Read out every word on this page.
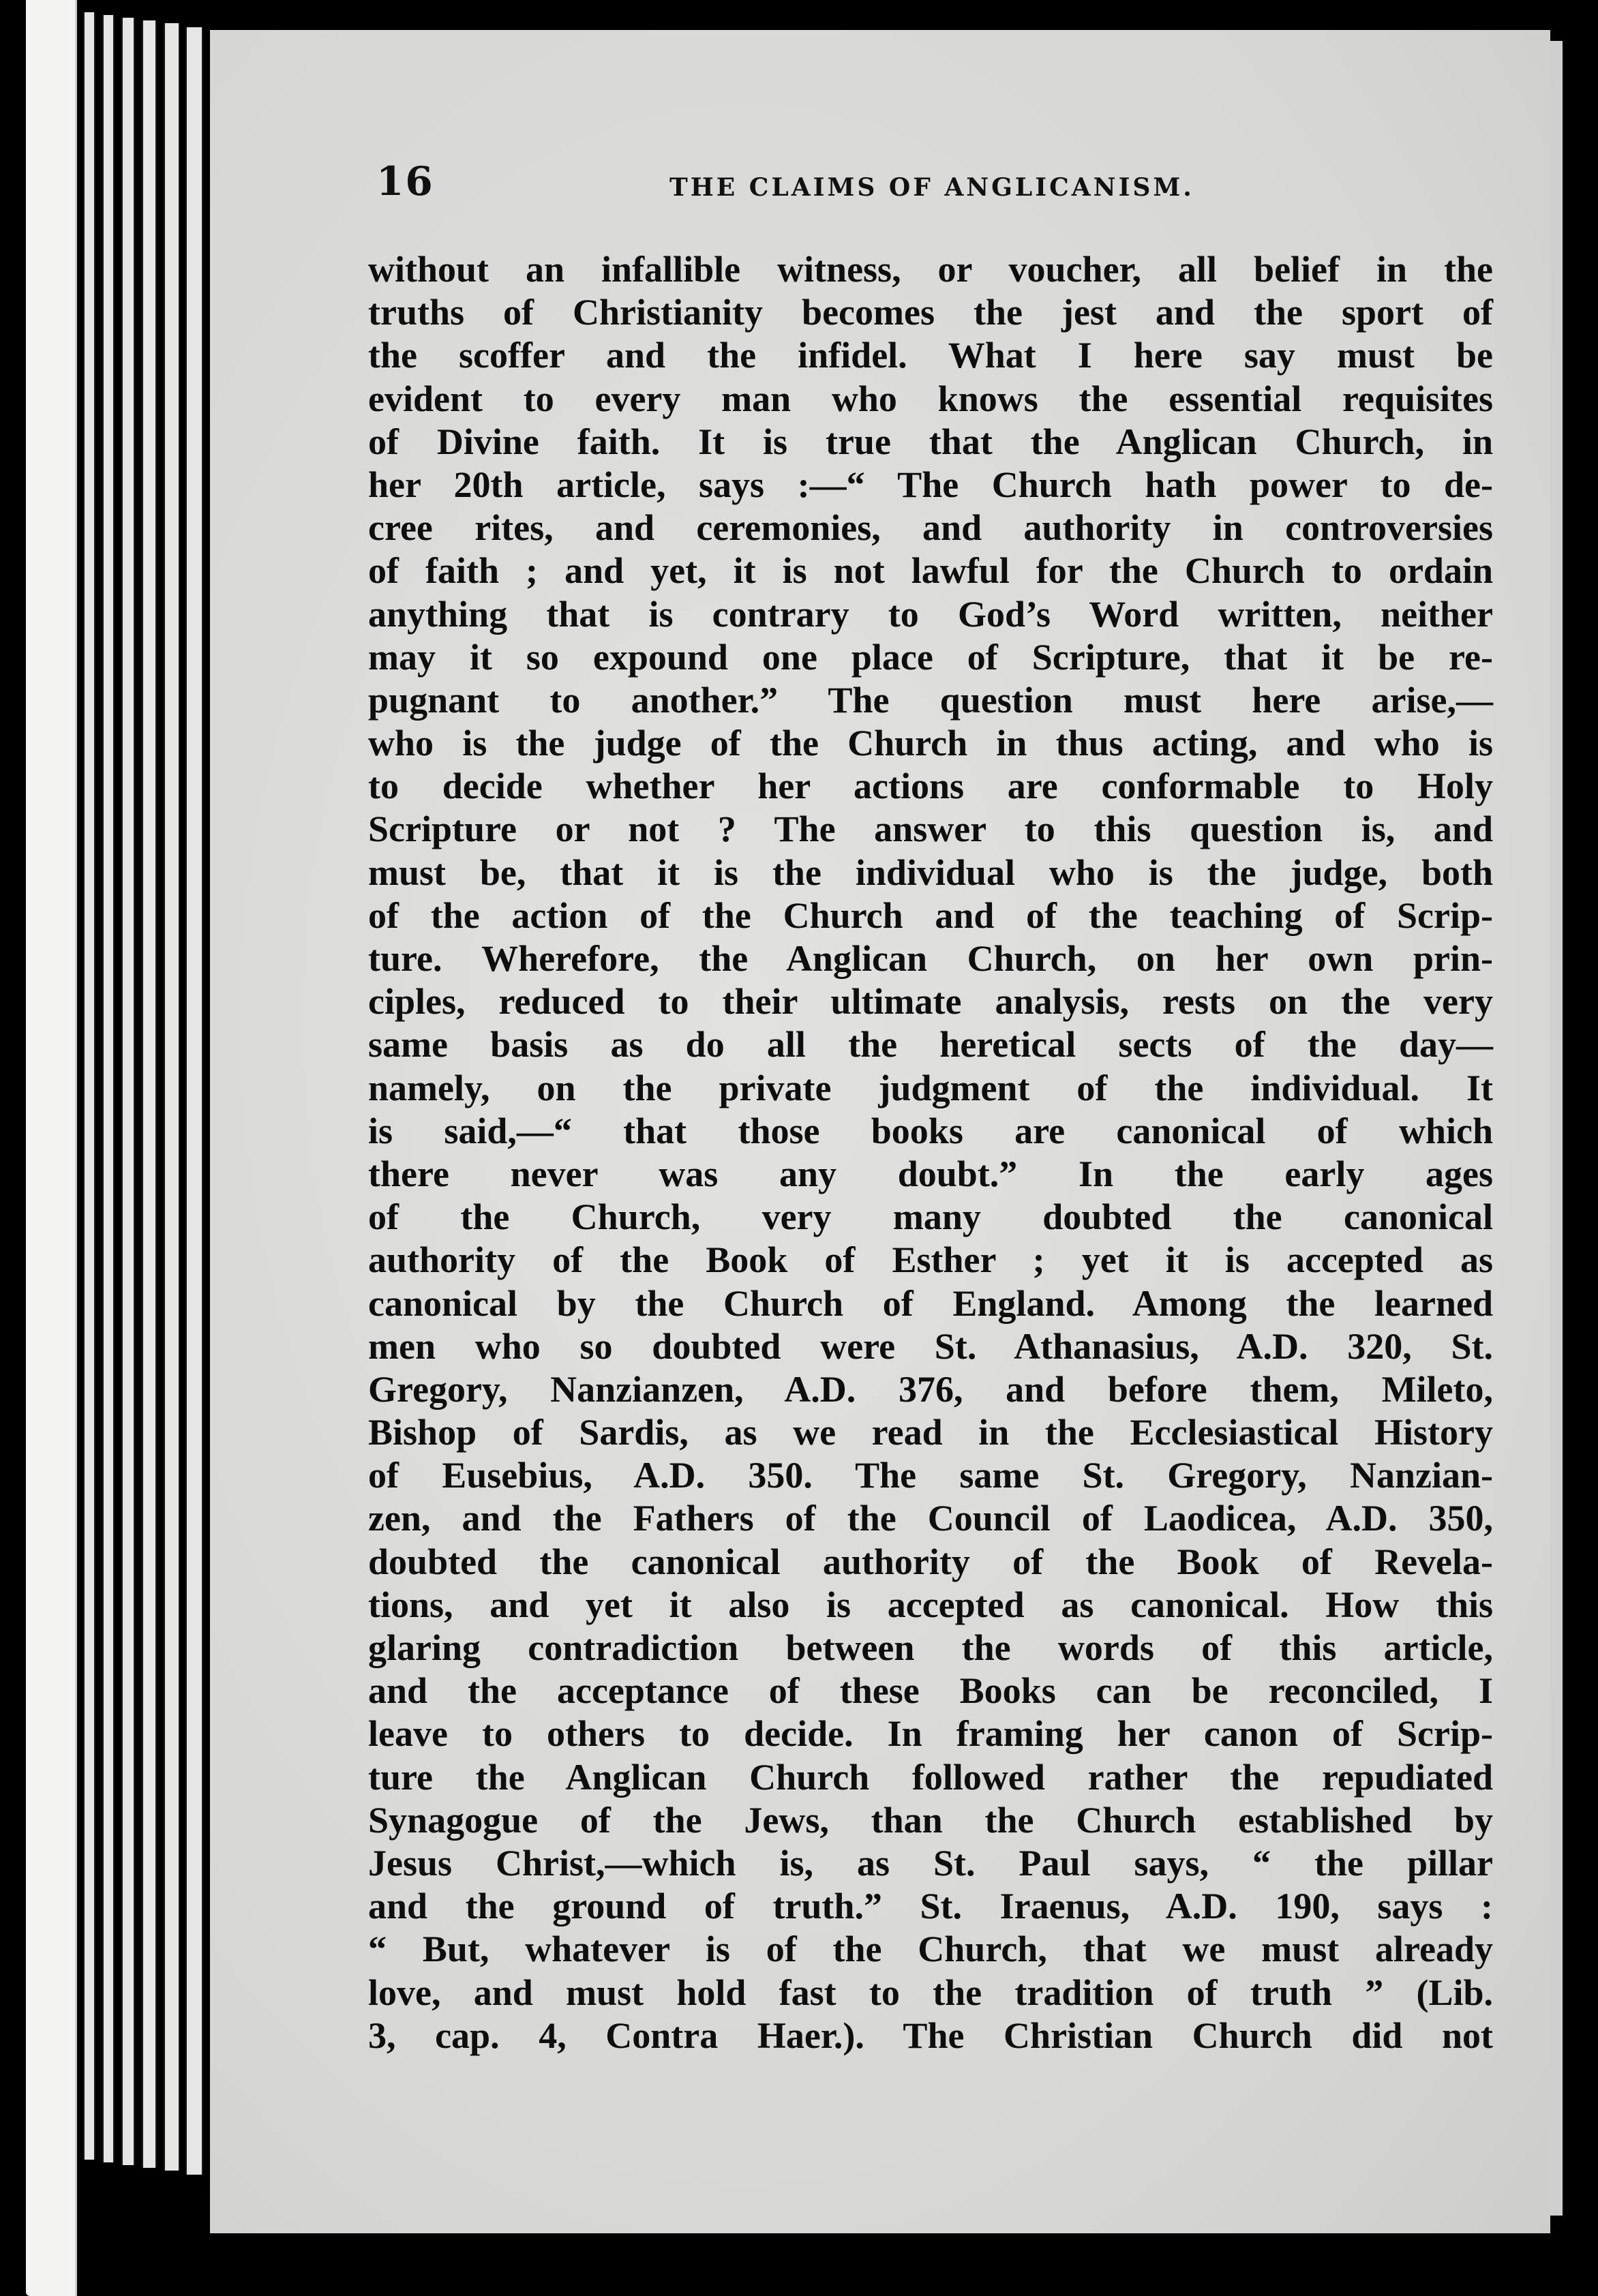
16	THE CLAIMS OF ANGLICANISM.
without an infallible witness, or voucher, all belief in the
truths of Christianity becomes the jest and the sport of
the scoffer and the infidel. What I here say must be
evident to every man who knows the essential requisites
of Divine faith. It is true that the Anglican Church, in
her 20th article, says :—“ The Church hath power to de-
cree rites, and ceremonies, and authority in controversies
of faith ; and yet, it is not lawful for the Church to ordain
anything that is contrary to God’s Word written, neither
may it so expound one place of Scripture, that it be re-
pugnant to another.” The question must here arise,—
who is the judge of the Church in thus acting, and who is
to decide whether her actions are conformable to Holy
Scripture or not ? The answer to this question is, and
must be, that it is the individual who is the judge, both
of the action of the Church and of the teaching of Scrip-
ture. Wherefore, the Anglican Church, on her own prin-
ciples, reduced to their ultimate analysis, rests on the very
same basis as do all the heretical sects of the day—
namely, on the private judgment of the individual. It
is said,—“ that those books are canonical of which
there never was any doubt.” In the early ages
of the Church, very many doubted the canonical
authority of the Book of Esther ; yet it is accepted as
canonical by the Church of England. Among the learned
men who so doubted were St. Athanasius, A.D. 320, St.
Gregory, Nanzianzen, A.D. 376, and before them, Mileto,
Bishop of Sardis, as we read in the Ecclesiastical History
of Eusebius, A.D. 350. The same St. Gregory, Nanzian-
zen, and the Fathers of the Council of Laodicea, A.D. 350,
doubted the canonical authority of the Book of Revela-
tions, and yet it also is accepted as canonical. How this
glaring contradiction between the words of this article,
and the acceptance of these Books can be reconciled, I
leave to others to decide. In framing her canon of Scrip-
ture the Anglican Church followed rather the repudiated
Synagogue of the Jews, than the Church established by
Jesus Christ,—which is, as St. Paul says, “ the pillar
and the ground of truth.” St. Iraenus, A.D. 190, says :
“ But, whatever is of the Church, that we must already
love, and must hold fast to the tradition of truth ” (Lib.
3, cap. 4, Contra Haer.). The Christian Church did not
